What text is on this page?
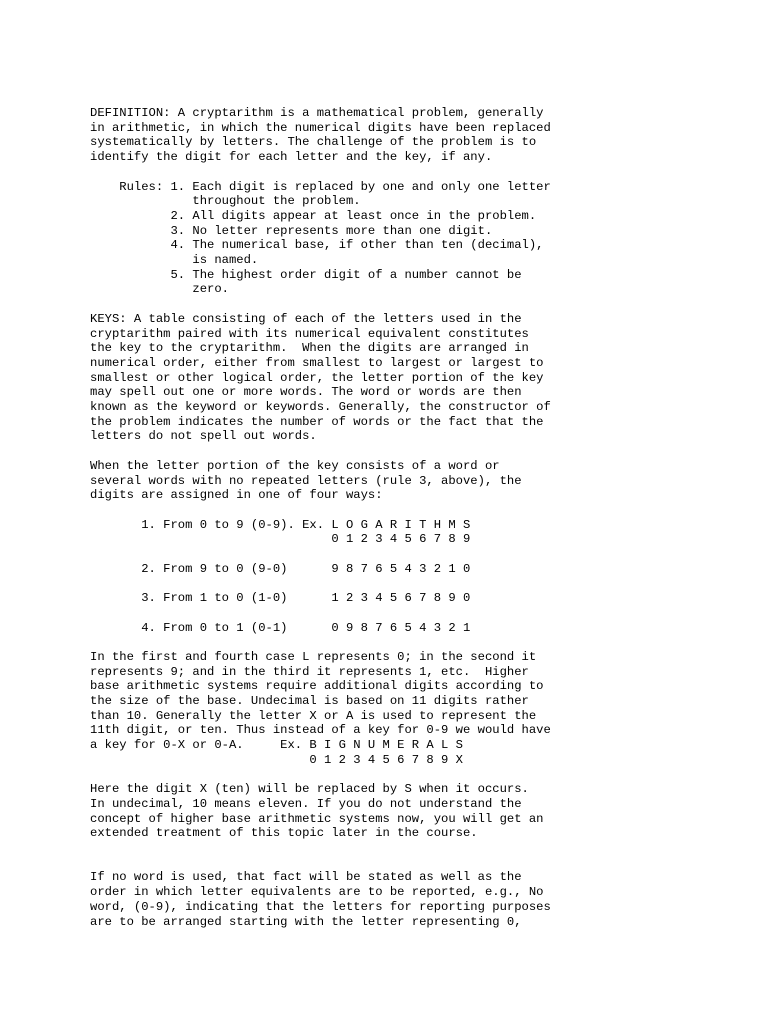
DEFINITION: A cryptarithm is a mathematical problem, generally
in arithmetic, in which the numerical digits have been replaced
systematically by letters. The challenge of the problem is to
identify the digit for each letter and the key, if any.
Rules: 1. Each digit is replaced by one and only one letter
throughout the problem.
2. All digits appear at least once in the problem.
3. No letter represents more than one digit.
4. The numerical base, if other than ten (decimal),
is named.
5. The highest order digit of a number cannot be
zero.
KEYS: A table consisting of each of the letters used in the
cryptarithm paired with its numerical equivalent constitutes
the key to the cryptarithm.  When the digits are arranged in
numerical order, either from smallest to largest or largest to
smallest or other logical order, the letter portion of the key
may spell out one or more words. The word or words are then
known as the keyword or keywords. Generally, the constructor of
the problem indicates the number of words or the fact that the
letters do not spell out words.
When the letter portion of the key consists of a word or
several words with no repeated letters (rule 3, above), the
digits are assigned in one of four ways:
1. From 0 to 9 (0-9). Ex. L O G A R I T H M S
0 1 2 3 4 5 6 7 8 9
2. From 9 to 0 (9-0)      9 8 7 6 5 4 3 2 1 0
3. From 1 to 0 (1-0)      1 2 3 4 5 6 7 8 9 0
4. From 0 to 1 (0-1)      0 9 8 7 6 5 4 3 2 1
In the first and fourth case L represents 0; in the second it
represents 9; and in the third it represents 1, etc.  Higher
base arithmetic systems require additional digits according to
the size of the base. Undecimal is based on 11 digits rather
than 10. Generally the letter X or A is used to represent the
11th digit, or ten. Thus instead of a key for 0-9 we would have
a key for 0-X or 0-A.     Ex. B I G N U M E R A L S
0 1 2 3 4 5 6 7 8 9 X
Here the digit X (ten) will be replaced by S when it occurs.
In undecimal, 10 means eleven. If you do not understand the
concept of higher base arithmetic systems now, you will get an
extended treatment of this topic later in the course.
If no word is used, that fact will be stated as well as the
order in which letter equivalents are to be reported, e.g., No
word, (0-9), indicating that the letters for reporting purposes
are to be arranged starting with the letter representing 0,
